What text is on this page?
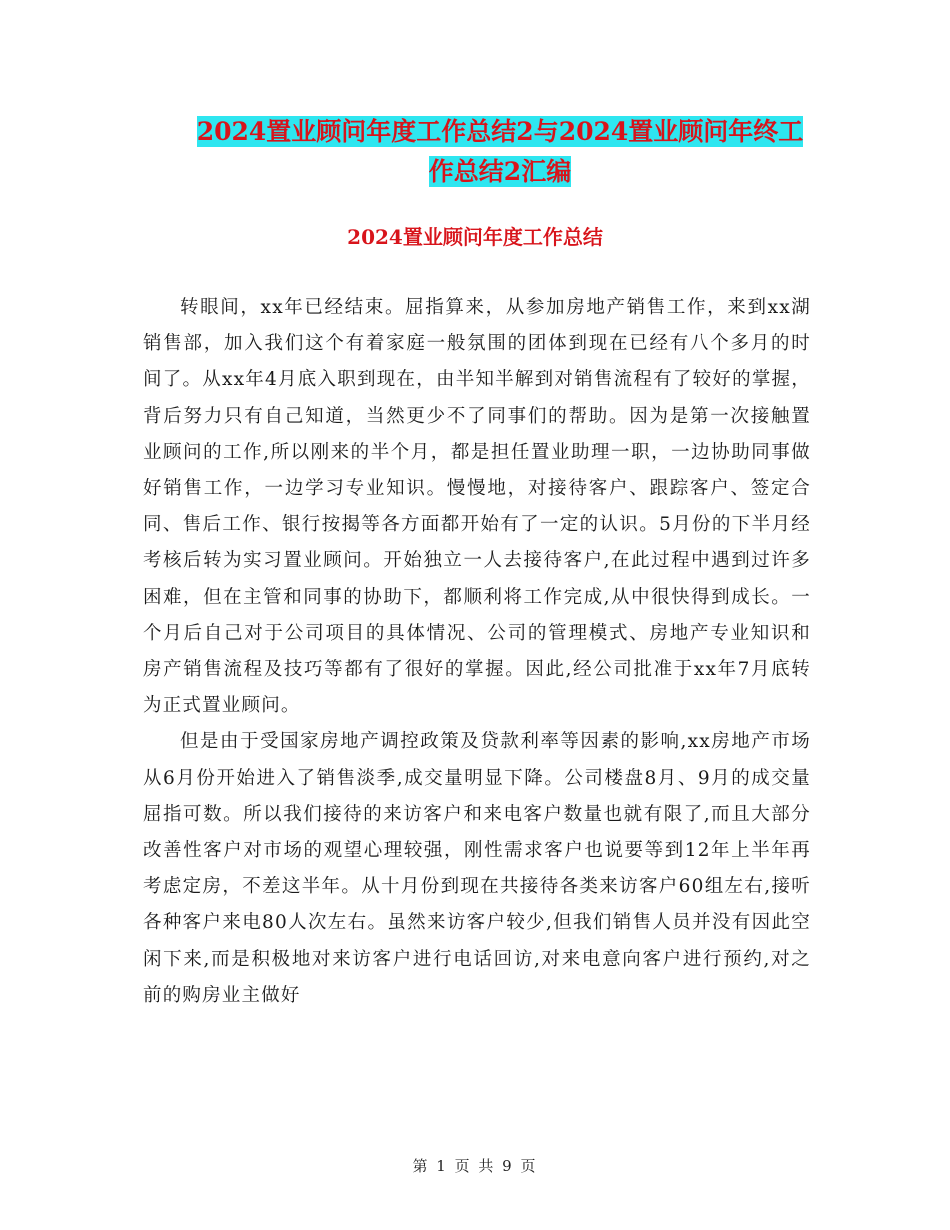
2024置业顾问年度工作总结2与2024置业顾问年终工
作总结2汇编
2024置业顾问年度工作总结

转眼间，xx年已经结束。屈指算来，从参加房地产销售工作，来到xx湖销售部，加入我们这个有着家庭一般氛围的团体到现在已经有八个多月的时间了。从xx年4月底入职到现在，由半知半解到对销售流程有了较好的掌握，背后努力只有自己知道，当然更少不了同事们的帮助。因为是第一次接触置业顾问的工作,所以刚来的半个月，都是担任置业助理一职，一边协助同事做好销售工作，一边学习专业知识。慢慢地，对接待客户、跟踪客户、签定合同、售后工作、银行按揭等各方面都开始有了一定的认识。5月份的下半月经考核后转为实习置业顾问。开始独立一人去接待客户,在此过程中遇到过许多困难，但在主管和同事的协助下，都顺利将工作完成,从中很快得到成长。一个月后自己对于公司项目的具体情况、公司的管理模式、房地产专业知识和房产销售流程及技巧等都有了很好的掌握。因此,经公司批准于xx年7月底转为正式置业顾问。

但是由于受国家房地产调控政策及贷款利率等因素的影响,xx房地产市场从6月份开始进入了销售淡季,成交量明显下降。公司楼盘8月、9月的成交量屈指可数。所以我们接待的来访客户和来电客户数量也就有限了,而且大部分改善性客户对市场的观望心理较强，刚性需求客户也说要等到12年上半年再考虑定房，不差这半年。从十月份到现在共接待各类来访客户60组左右,接听各种客户来电80人次左右。虽然来访客户较少,但我们销售人员并没有因此空闲下来,而是积极地对来访客户进行电话回访,对来电意向客户进行预约,对之前的购房业主做好

第 1 页 共 9 页
